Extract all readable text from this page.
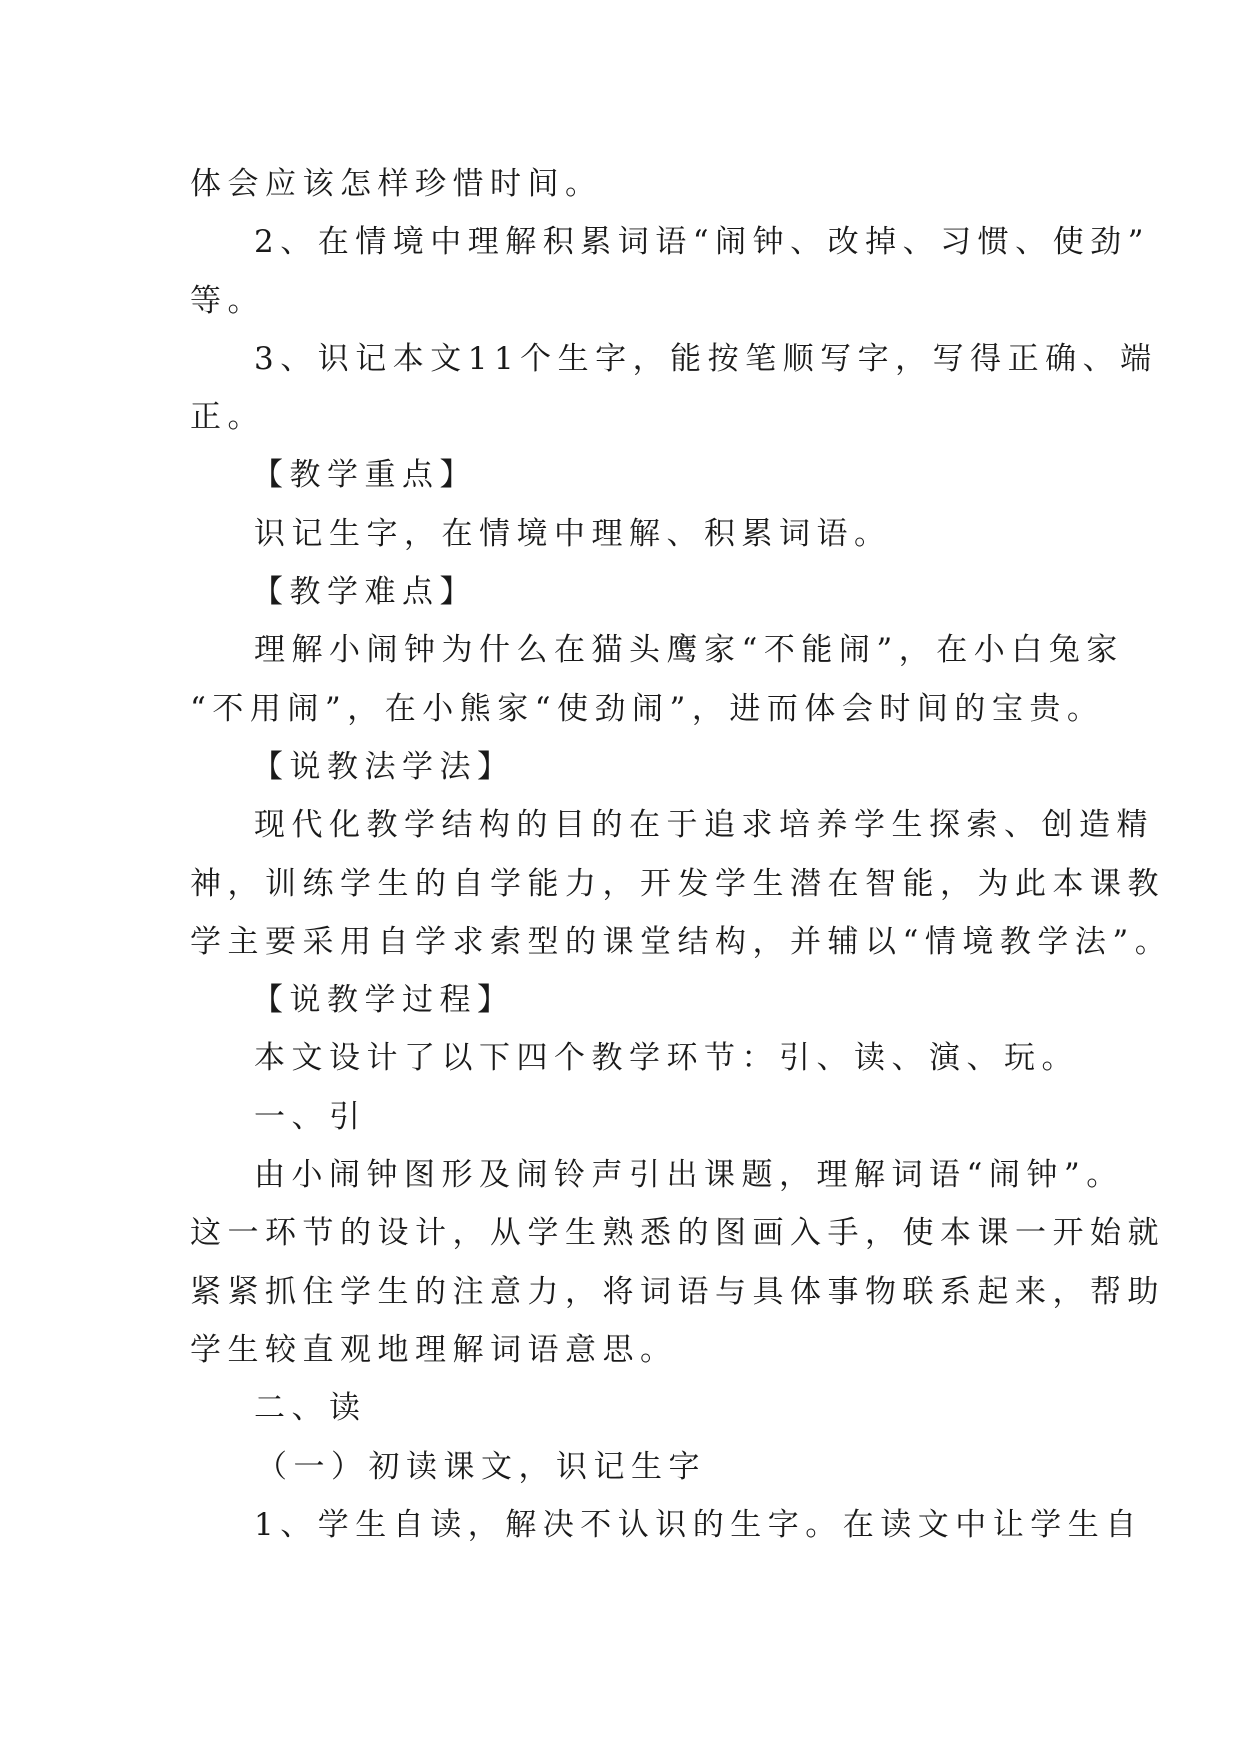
体会应该怎样珍惜时间。
2、在情境中理解积累词语“闹钟、改掉、习惯、使劲”
等。
3、识记本文11个生字，能按笔顺写字，写得正确、端
正。
【教学重点】
识记生字，在情境中理解、积累词语。
【教学难点】
理解小闹钟为什么在猫头鹰家“不能闹”，在小白兔家
“不用闹”，在小熊家“使劲闹”，进而体会时间的宝贵。
【说教法学法】
现代化教学结构的目的在于追求培养学生探索、创造精
神，训练学生的自学能力，开发学生潜在智能，为此本课教
学主要采用自学求索型的课堂结构，并辅以“情境教学法”。
【说教学过程】
本文设计了以下四个教学环节：引、读、演、玩。
一、引
由小闹钟图形及闹铃声引出课题，理解词语“闹钟”。
这一环节的设计，从学生熟悉的图画入手，使本课一开始就
紧紧抓住学生的注意力，将词语与具体事物联系起来，帮助
学生较直观地理解词语意思。
二、读
（一）初读课文，识记生字
1、学生自读，解决不认识的生字。在读文中让学生自
